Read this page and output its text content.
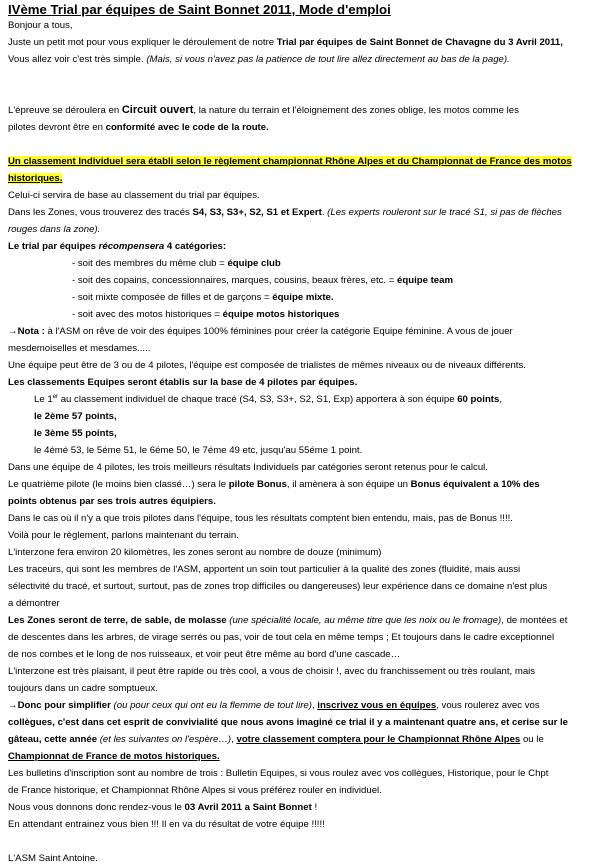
IVème Trial par équipes de Saint Bonnet 2011, Mode d'emploi
Bonjour a tous,
Juste un petit mot pour vous expliquer le déroulement de notre Trial par équipes de Saint Bonnet de Chavagne du 3 Avril 2011,
Vous allez voir c'est très simple. (Mais, si vous n'avez pas la patience de tout lire allez directement au bas de la page).
L'épreuve se déroulera en Circuit ouvert, la nature du terrain et l'éloignement des zones oblige, les motos comme les
pilotes devront être en conformité avec le code de la route.
Un classement Individuel sera établi selon le règlement championnat Rhône Alpes et du Championnat de France des motos
historiques.
Celui-ci servira de base au classement du trial par équipes.
Dans les Zones, vous trouverez des tracés S4, S3, S3+, S2, S1 et Expert. (Les experts rouleront sur le tracé S1, si pas de flèches
rouges dans la zone).
Le trial par équipes récompensera 4 catégories:
- soit des membres du même club = équipe club
- soit des copains, concessionnaires, marques, cousins, beaux frères, etc. = équipe team
- soit mixte composée de filles et de garçons = équipe mixte.
- soit avec des motos historiques = équipe motos historiques
→Nota : à l'ASM on rêve de voir des équipes 100% féminines pour créer la catégorie Equipe féminine. A vous de jouer
mesdemoiselles et mesdames.....
Une équipe peut être de 3 ou de 4 pilotes, l'équipe est composée de trialistes de mêmes niveaux ou de niveaux différents.
Les classements Equipes seront établis sur la base de 4 pilotes par équipes.
Le 1er au classement individuel de chaque tracé (S4, S3, S3+, S2, S1, Exp) apportera à son équipe 60 points,
le 2ème 57 points,
le 3ème 55 points,
le 4émé 53, le 5éme 51, le 6éme 50, le 7éme 49 etc, jusqu'au 55éme 1 point.
Dans une équipe de 4 pilotes, les trois meilleurs résultats Individuels par catégories seront retenus pour le calcul.
Le quatrième pilote (le moins bien classé…) sera le pilote Bonus, il amènera à son équipe un Bonus équivalent a 10% des
points obtenus par ses trois autres équipiers.
Dans le cas où il n'y a que trois pilotes dans l'équipe, tous les résultats comptent bien entendu, mais, pas de Bonus !!!!.
Voilà pour le règlement, parlons maintenant du terrain.
L'interzone fera environ 20 kilomètres, les zones seront au nombre de douze (minimum)
Les traceurs, qui sont les membres de l'ASM, apportent un soin tout particulier à la qualité des zones (fluidité, mais aussi
sélectivité du tracé, et surtout, surtout, pas de zones trop difficiles ou dangereuses) leur expérience dans ce domaine n'est plus
a démontrer
Les Zones seront de terre, de sable, de molasse (une spécialité locale, au même titre que les noix ou le fromage), de montées et
de descentes dans les arbres, de virage serrés ou pas, voir de tout cela en même temps ; Et toujours dans le cadre exceptionnel
de nos combes et le long de nos ruisseaux, et voir peut être même au bord d'une cascade…
L'interzone est très plaisant, il peut être rapide ou très cool, a vous de choisir !, avec du franchissement ou très roulant, mais
toujours dans un cadre somptueux.
→Donc pour simplifier (ou pour ceux qui ont eu la flemme de tout lire), inscrivez vous en équipes, vous roulerez avec vos
collègues, c'est dans cet esprit de convivialité que nous avons imaginé ce trial il y a maintenant quatre ans, et cerise sur le
gâteau, cette année (et les suivantes on l'espère…), votre classement comptera pour le Championnat Rhône Alpes ou le
Championnat de France de motos historiques.
Les bulletins d'inscription sont au nombre de trois : Bulletin Equipes, si vous roulez avec vos collègues, Historique, pour le Chpt
de France historique, et Championnat Rhône Alpes si vous préférez rouler en individuel.
Nous vous donnons donc rendez-vous le 03 Avril 2011 a Saint Bonnet !
En attendant entrainez vous bien !!! Il en va du résultat de votre équipe !!!!!
L'ASM Saint Antoine.
